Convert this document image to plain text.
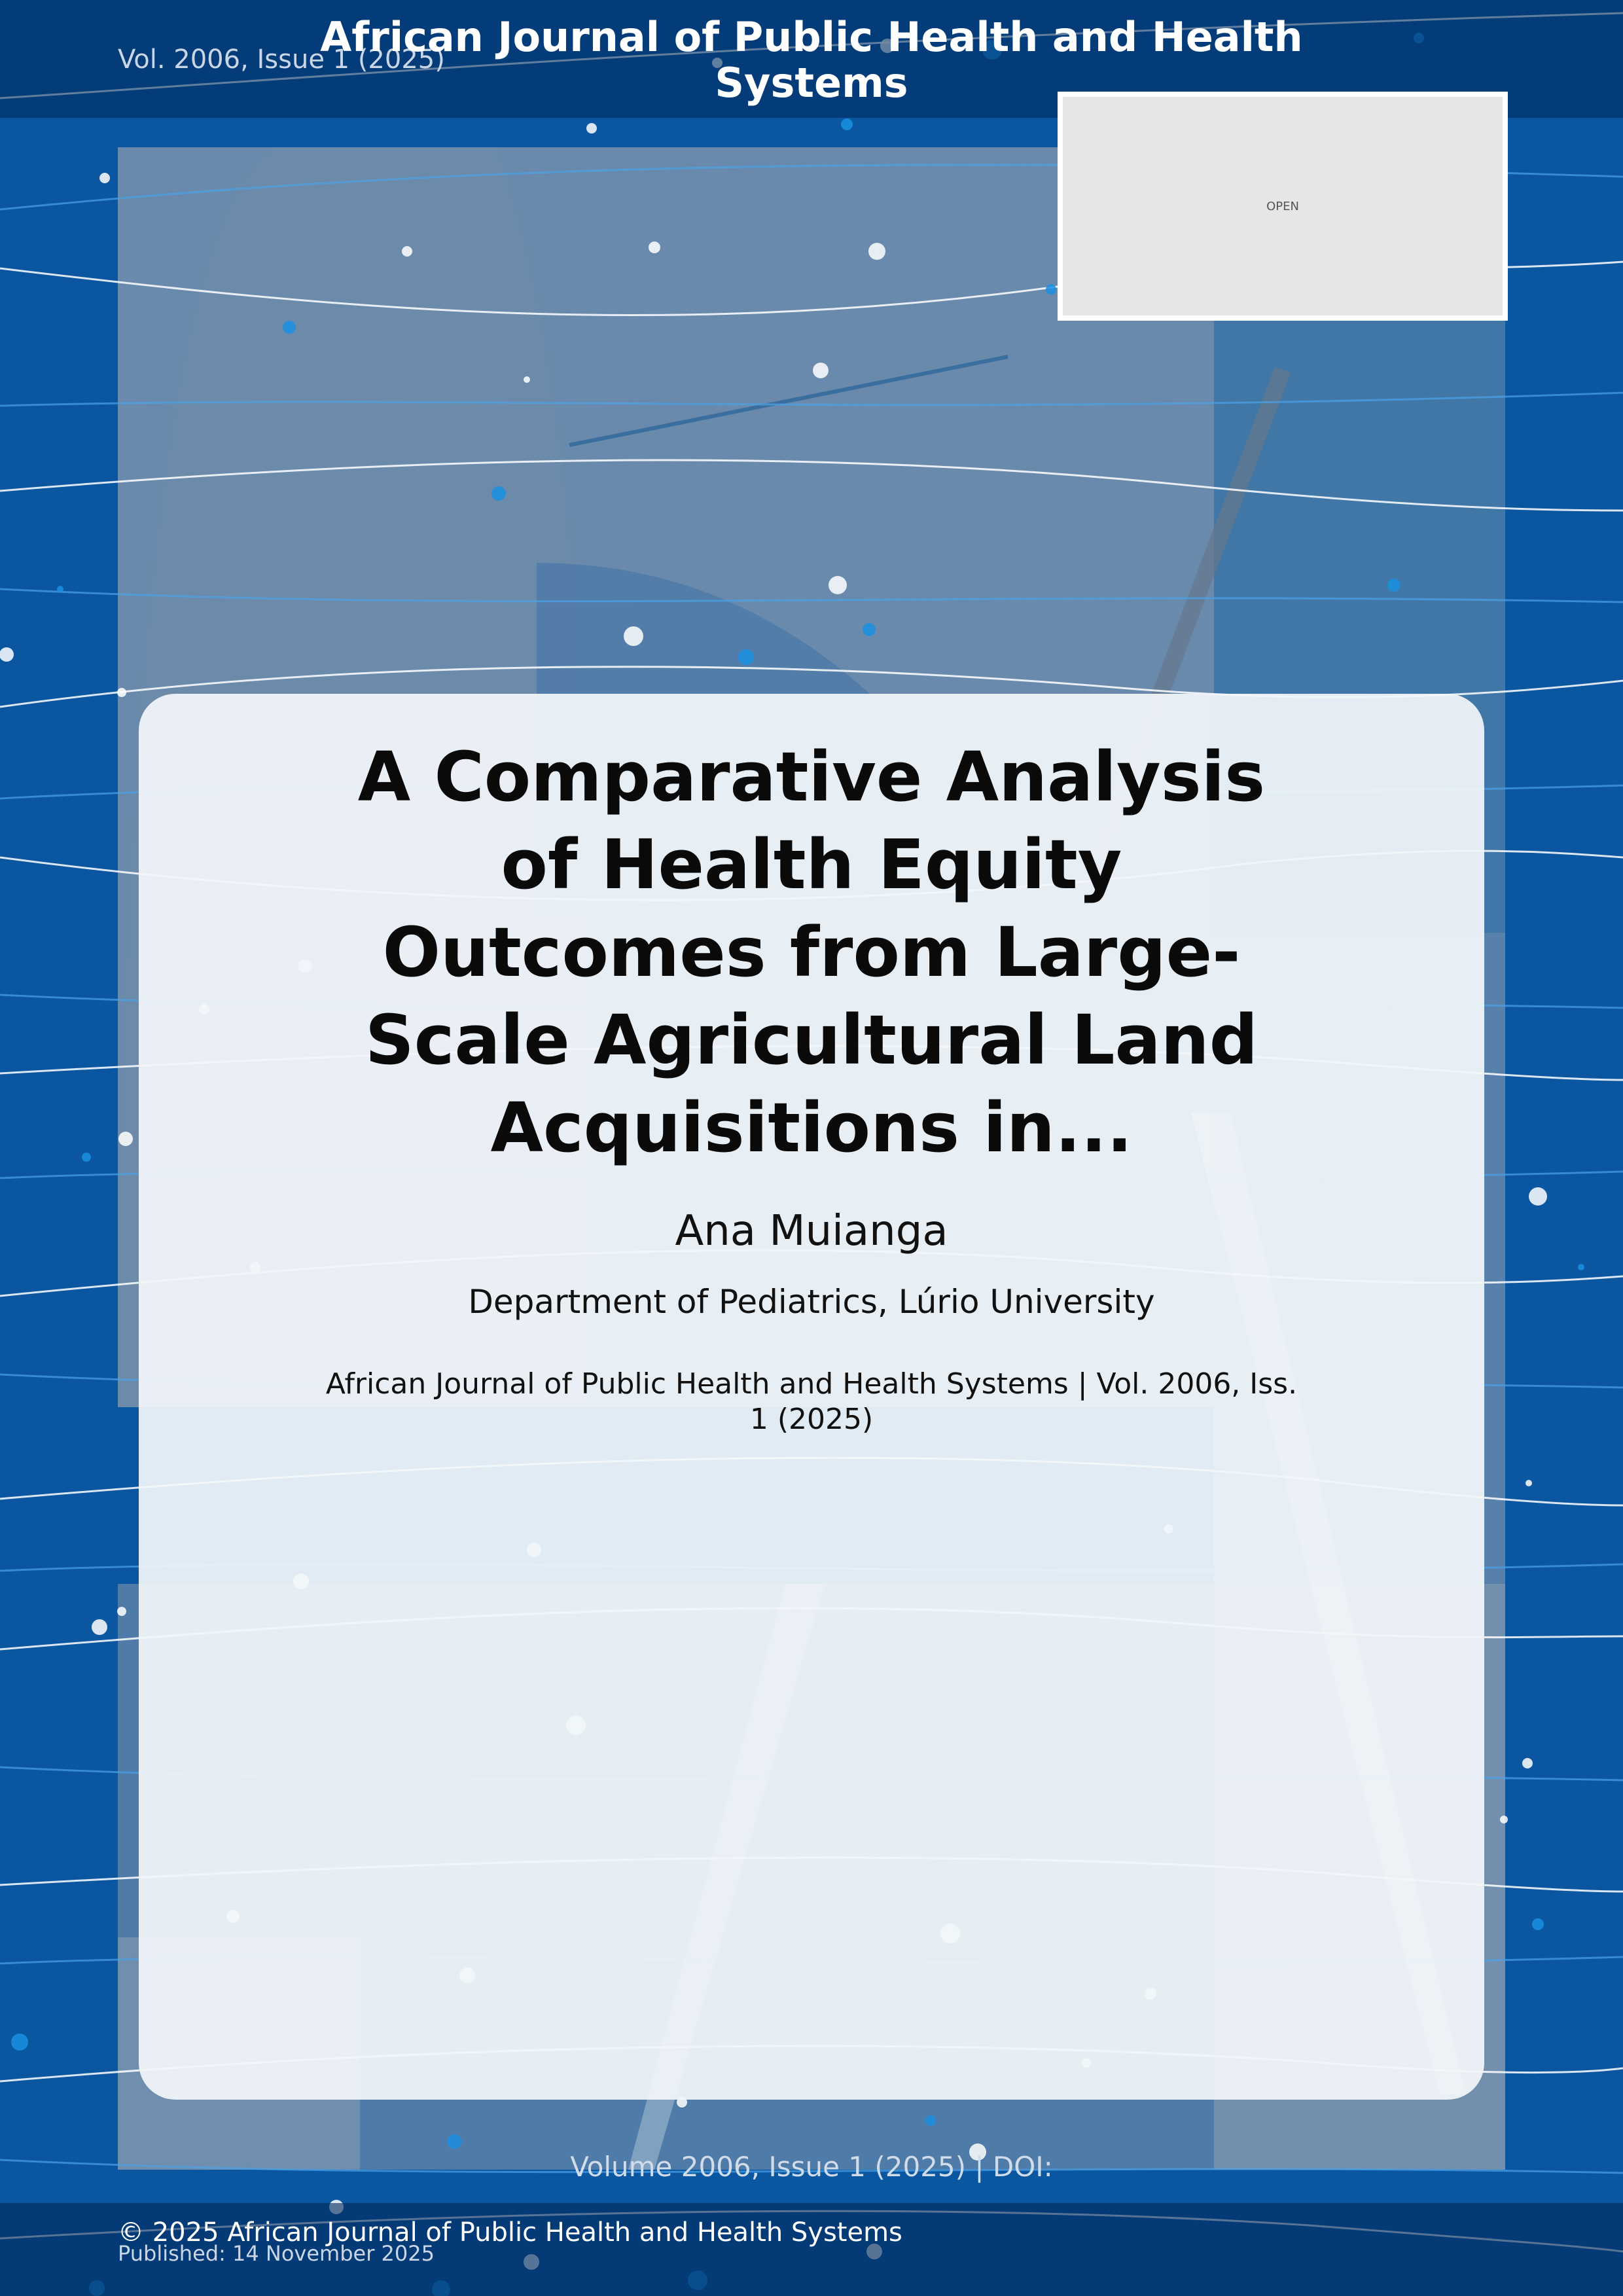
Vol. 2006, Issue 1 (2025)
African Journal of Public Health and Health Systems
OPEN
A Comparative Analysis of Health Equity Outcomes from Large-Scale Agricultural Land Acquisitions in...
Ana Muianga
Department of Pediatrics, Lúrio University
African Journal of Public Health and Health Systems | Vol. 2006, Iss. 1 (2025)
Volume 2006, Issue 1 (2025) | DOI:
© 2025 African Journal of Public Health and Health Systems
Published: 14 November 2025
